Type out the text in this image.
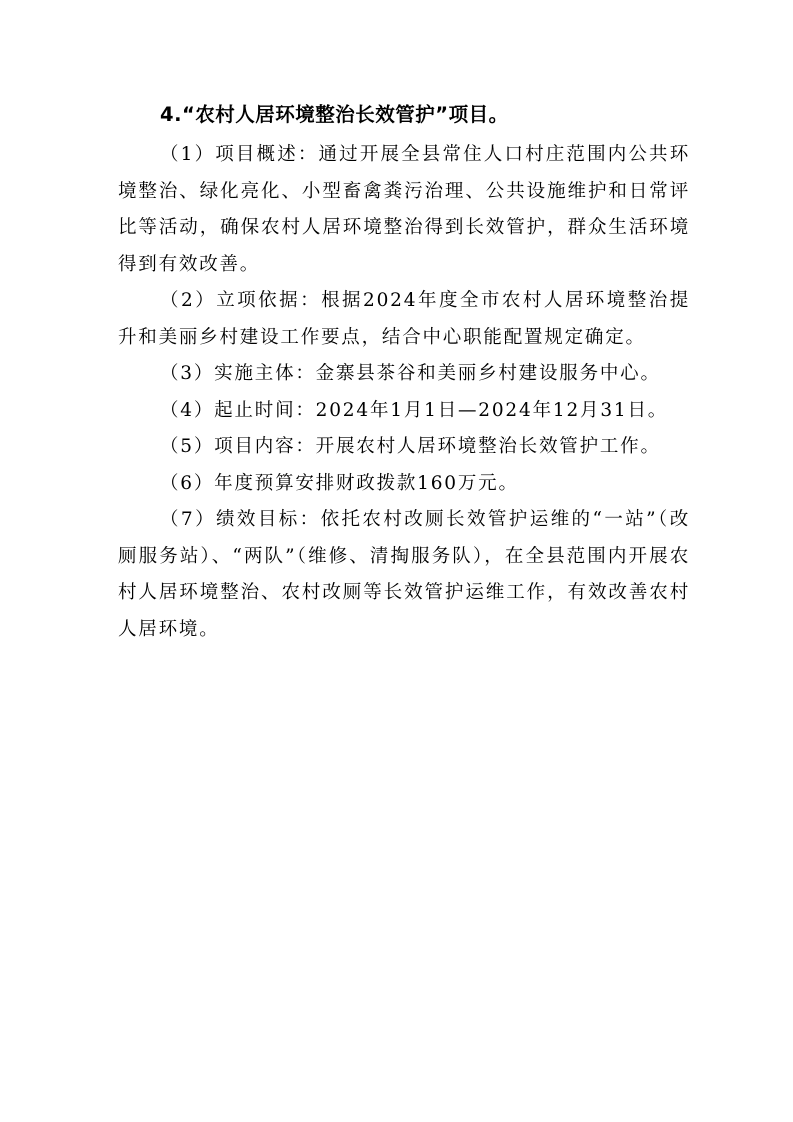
4.“农村人居环境整治长效管护”项目。

（1）项目概述：通过开展全县常住人口村庄范围内公共环境整治、绿化亮化、小型畜禽粪污治理、公共设施维护和日常评比等活动，确保农村人居环境整治得到长效管护，群众生活环境得到有效改善。

（2）立项依据：根据2024年度全市农村人居环境整治提升和美丽乡村建设工作要点，结合中心职能配置规定确定。

（3）实施主体：金寨县茶谷和美丽乡村建设服务中心。

（4）起止时间：2024年1月1日—2024年12月31日。

（5）项目内容：开展农村人居环境整治长效管护工作。

（6）年度预算安排财政拨款160万元。

（7）绩效目标：依托农村改厕长效管护运维的“一站”（改厕服务站）、“两队”（维修、清掏服务队），在全县范围内开展农村人居环境整治、农村改厕等长效管护运维工作，有效改善农村人居环境。
